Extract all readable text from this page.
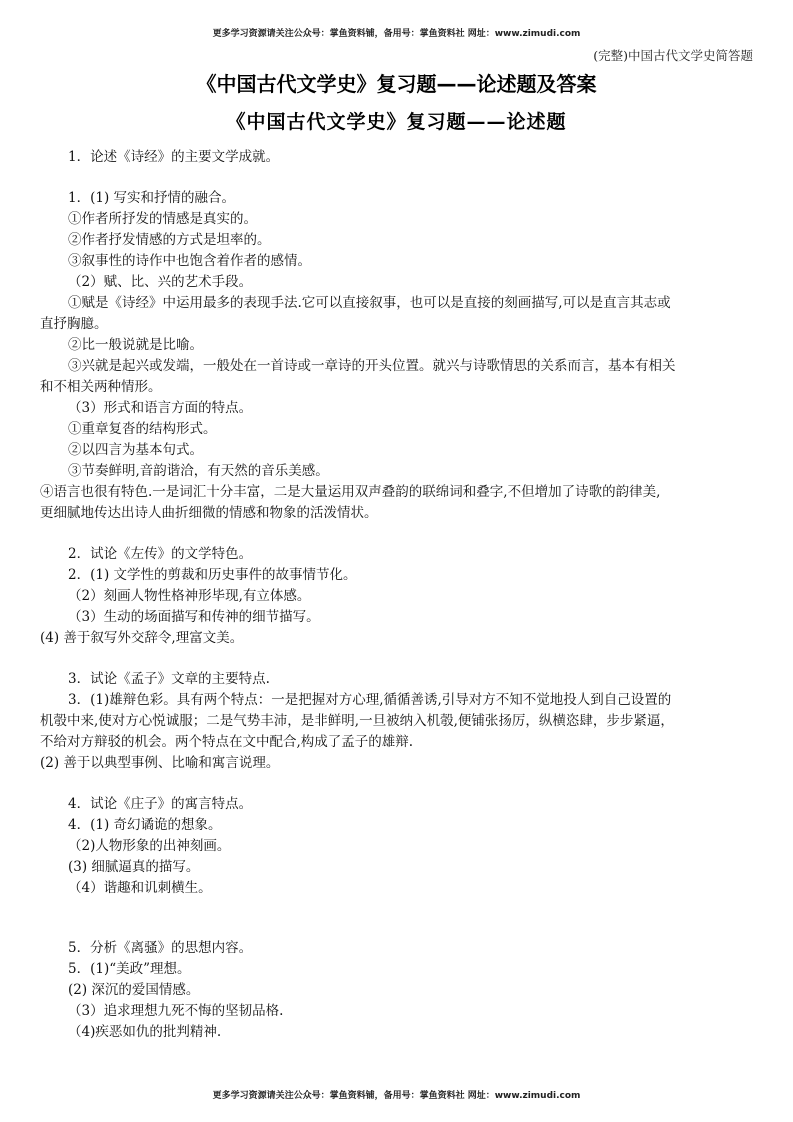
更多学习资源请关注公众号：掌鱼资料铺，备用号：掌鱼资料社 网址：www.zimudi.com
(完整)中国古代文学史简答题
《中国古代文学史》复习题——论述题及答案
《中国古代文学史》复习题——论述题
1．论述《诗经》的主要文学成就。
1．(1) 写实和抒情的融合。
①作者所抒发的情感是真实的。
②作者抒发情感的方式是坦率的。
③叙事性的诗作中也饱含着作者的感情。
（2）赋、比、兴的艺术手段。
①赋是《诗经》中运用最多的表现手法.它可以直接叙事，也可以是直接的刻画描写,可以是直言其志或
直抒胸臆。
②比一般说就是比喻。
③兴就是起兴或发端，一般处在一首诗或一章诗的开头位置。就兴与诗歌情思的关系而言，基本有相关
和不相关两种情形。
（3）形式和语言方面的特点。
①重章复沓的结构形式。
②以四言为基本句式。
③节奏鲜明,音韵谐洽，有天然的音乐美感。
④语言也很有特色.一是词汇十分丰富，二是大量运用双声叠韵的联绵词和叠字,不但增加了诗歌的韵律美,
更细腻地传达出诗人曲折细微的情感和物象的活泼情状。
2．试论《左传》的文学特色。
2．(1) 文学性的剪裁和历史事件的故事情节化。
（2）刻画人物性格神形毕现,有立体感。
（3）生动的场面描写和传神的细节描写。
(4) 善于叙写外交辞令,理富文美。
3．试论《孟子》文章的主要特点.
3．(1)雄辩色彩。具有两个特点：一是把握对方心理,循循善诱,引导对方不知不觉地投人到自己设置的
机彀中来,使对方心悦诚服；二是气势丰沛，是非鲜明,一旦被纳入机彀,便铺张扬厉，纵横恣肆，步步紧逼，
不给对方辩驳的机会。两个特点在文中配合,构成了孟子的雄辩.
(2) 善于以典型事例、比喻和寓言说理。
4．试论《庄子》的寓言特点。
4．(1) 奇幻谲诡的想象。
（2)人物形象的出神刻画。
(3) 细腻逼真的描写。
（4）谐趣和讥刺横生。
5．分析《离骚》的思想内容。
5．(1)“美政”理想。
(2) 深沉的爱国情感。
（3）追求理想九死不悔的坚韧品格.
（4)疾恶如仇的批判精神.
更多学习资源请关注公众号：掌鱼资料铺，备用号：掌鱼资料社 网址：www.zimudi.com
